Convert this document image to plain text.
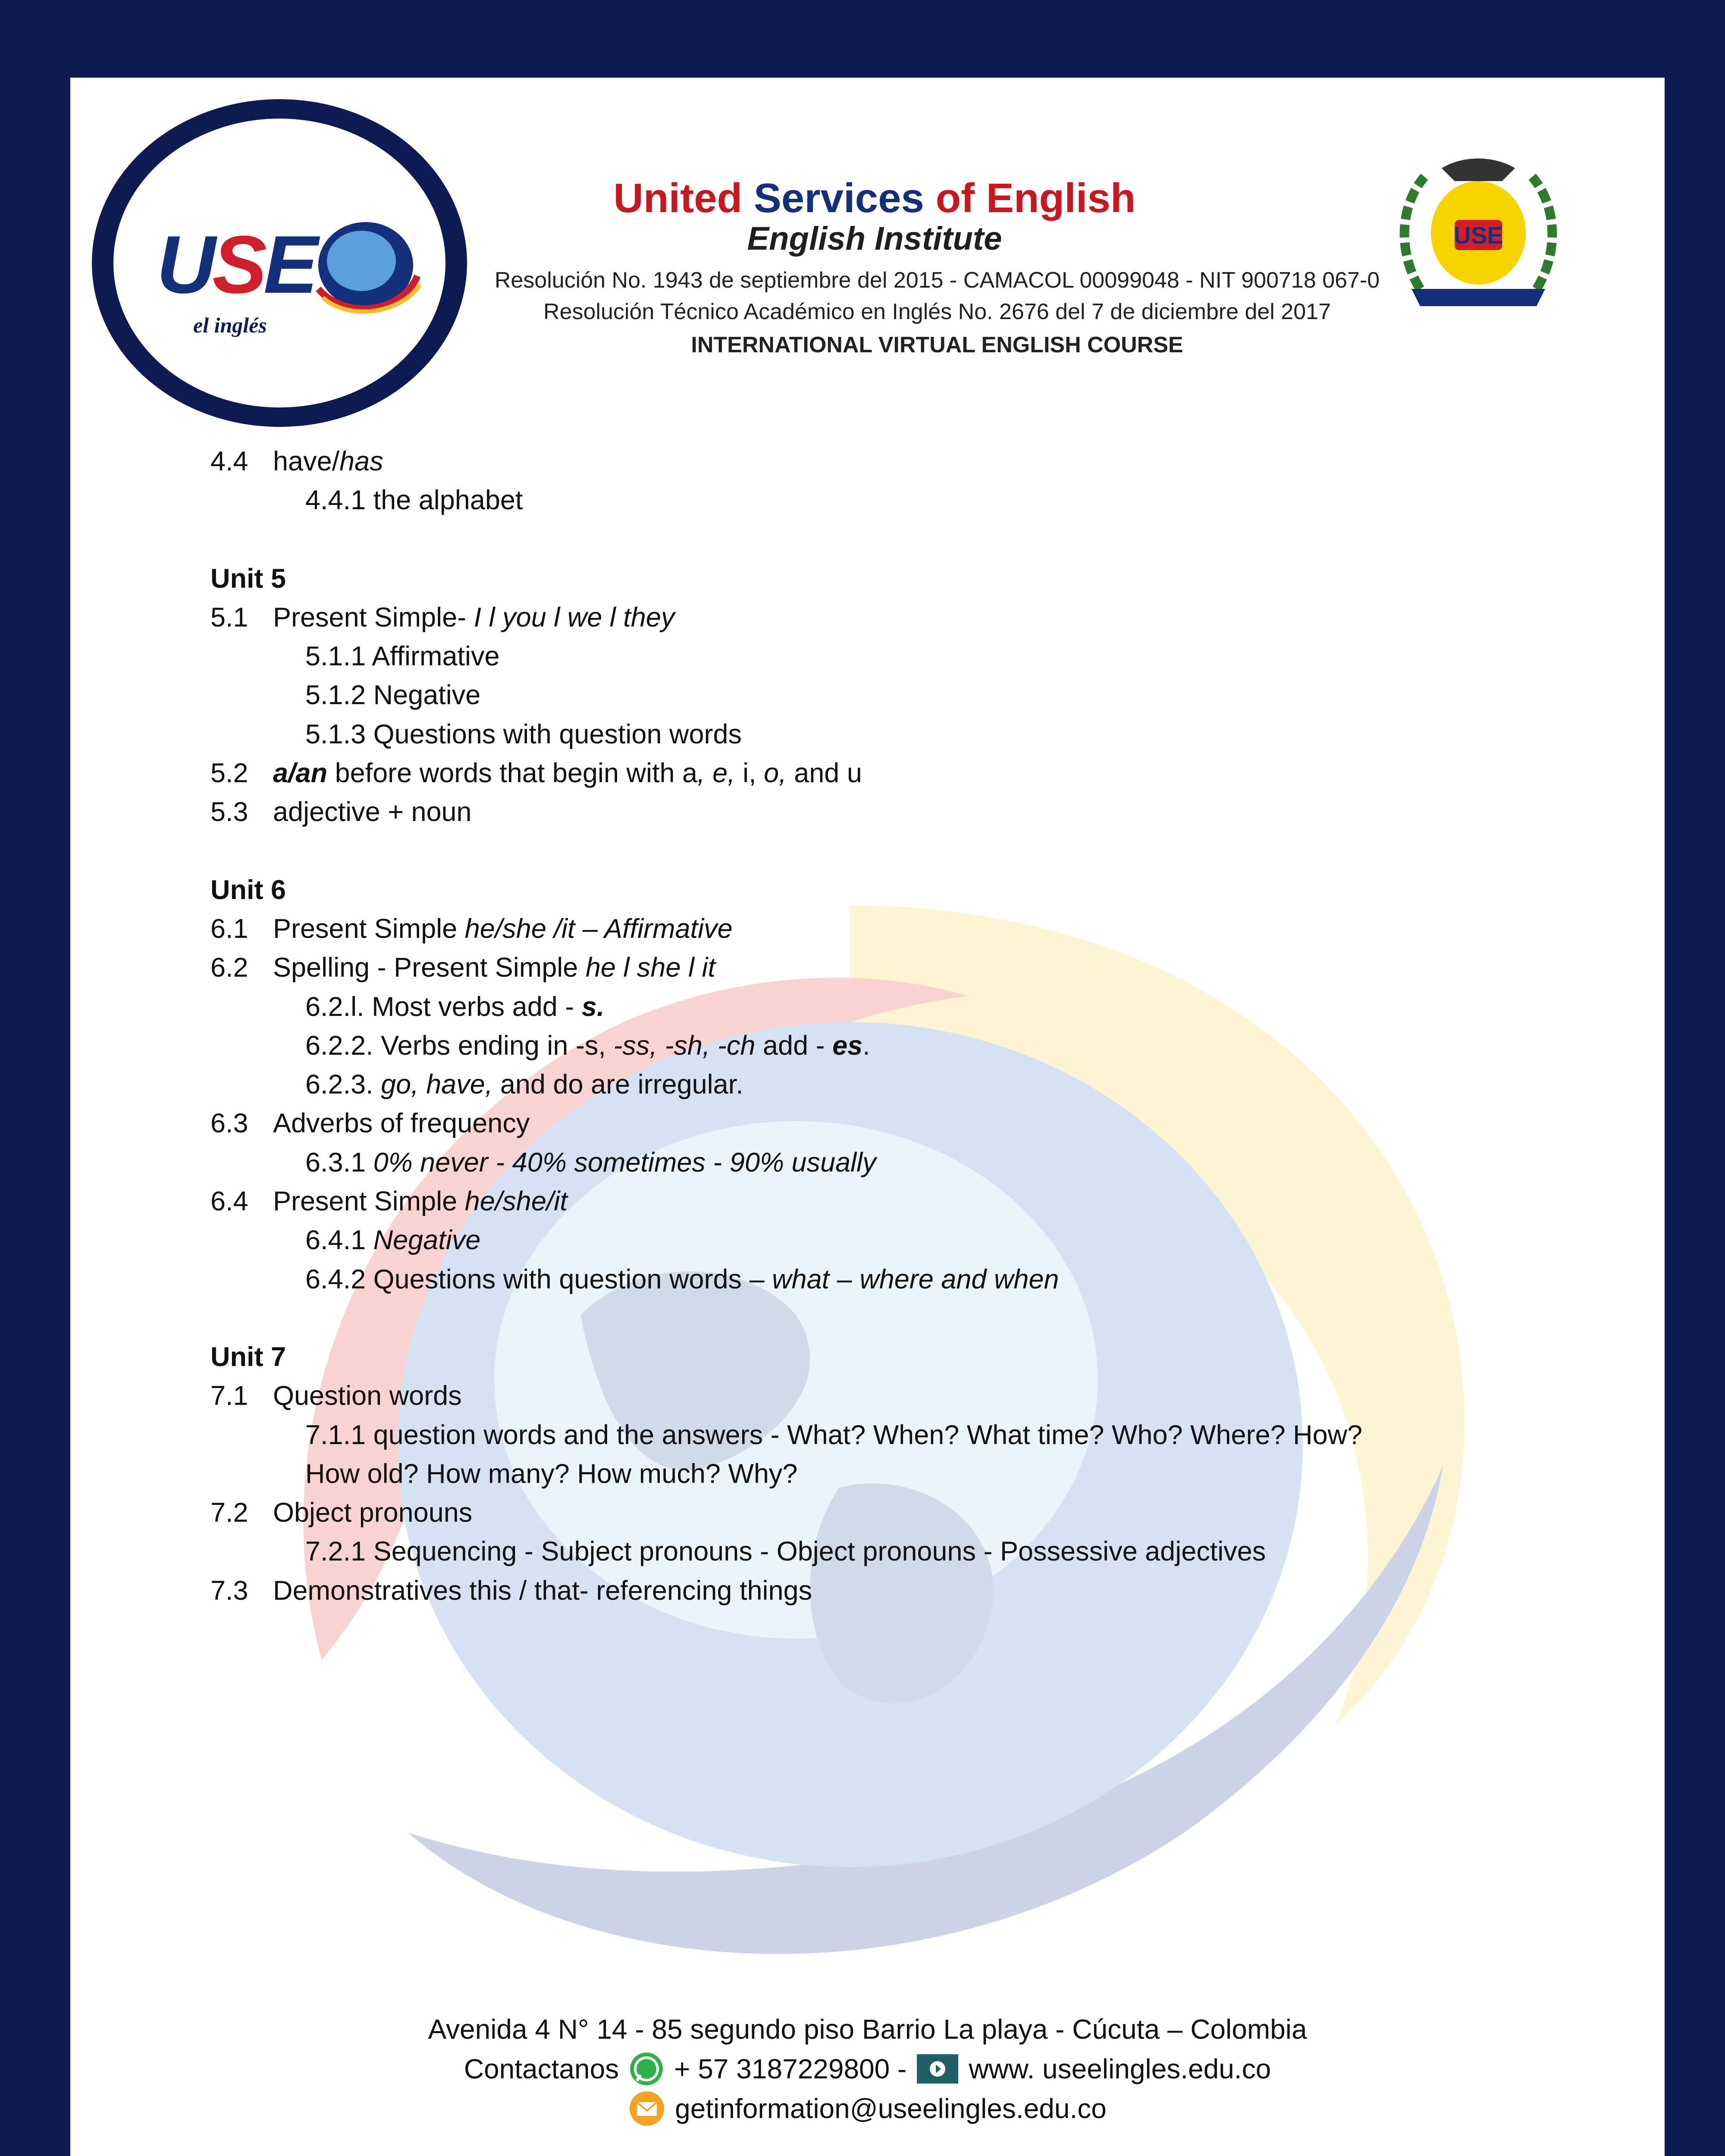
USE
el inglés
United Services of English
English Institute
Resolución No. 1943 de septiembre del 2015 - CAMACOL 00099048 - NIT 900718 067-0
Resolución Técnico Académico en Inglés No. 2676 del 7 de diciembre del 2017
INTERNATIONAL VIRTUAL ENGLISH COURSE
USE
4.4 have/has
4.4.1 the alphabet
Unit 5
5.1 Present Simple- I l you l we l they
5.1.1 Affirmative
5.1.2 Negative
5.1.3 Questions with question words
5.2 a/an before words that begin with a, e, i, o, and u
5.3 adjective + noun
Unit 6
6.1 Present Simple he/she /it – Affirmative
6.2 Spelling - Present Simple he l she l it
6.2.l. Most verbs add - s.
6.2.2. Verbs ending in -s, -ss, -sh, -ch add - es.
6.2.3. go, have, and do are irregular.
6.3 Adverbs of frequency
6.3.1 0% never - 40% sometimes - 90% usually
6.4 Present Simple he/she/it
6.4.1 Negative
6.4.2 Questions with question words – what – where and when
Unit 7
7.1 Question words
7.1.1 question words and the answers - What? When? What time? Who? Where? How?
How old? How many? How much? Why?
7.2 Object pronouns
7.2.1 Sequencing - Subject pronouns - Object pronouns - Possessive adjectives
7.3 Demonstratives this / that- referencing things
Avenida 4 N° 14 - 85 segundo piso Barrio La playa - Cúcuta – Colombia
Contactanos + 57 3187229800 - www. useelingles.edu.co
getinformation@useelingles.edu.co
